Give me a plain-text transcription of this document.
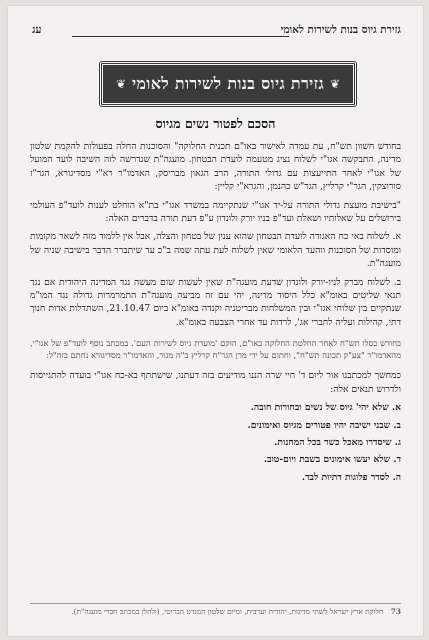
גזירת גיוס בנות לשירות לאומי
עג
❦ גזירת גיוס בנות לשירות לאומי ❦
הסכם לפטור נשים מגיוס

בחודש חשוון תש"ח, עת עמדה לאישור באו"ם תכנית החלוקה" והסוכנות החלה בפעולות להקמת שלטון מדינה, התבקשה אגו"י לשלוח נציג מטעמה לועדת הבטחון. מועגה"ת שנדרשה לזה השיבה לועד המועל של אגו"י לאחר התייעצות עם גדולי התורה, הרב הגאון מבריסק, האדמו"ר רא"י מסדיגורא, הגר"ז סורוצקין, הגר"י קרליץ, הגר"ש כהנמן, והגרא"י קליין:

"בישיבת מועצת גדולי התורה על-יד אגו"י שנתקיימה במשרד אגו"י בת"א הוחלט לענות לועד"פ העולמי בירושלים על שאלותיו ושאלת ועד"פ בניו יורק ולונדון ע"פ דעת תורה בדברים האלה:

א. לשלוח באי כח האגודה לועדת הבטחון שהוא ענין של בטחון והצלה, אבל אין ללמוד מזה לשאר מקומות ומוסדות של הסוכנות ווהעד הלאומי שאין לשלוח לעת עתה שמה ב"כ עד שיתברר הדבר בישיבה שניה של מועגה"ת.

ב. לשלוח מברק לניו-יורק ולונדון שדעת מועגה"ת שאין לעשות שום מעשה נגד המדינה היהודית אם נגד תנאי שליטים באומ"א כלל היסוד מדינה, יהי עם זה מביעה מועגה"ת התמרמרות גדולה נגד המו"מ שנתקיים בין שלוחי אגו"י ובין המשלחות מבריטניה וקנדה באומ"א ביום 21.10.47, השתדלות אדות חנוך דתי, קהילות ועליה לחברי אג', לרדות עד אחרי הצבעה באומ"א.

בחודש כסלו תש"ח לאחר החלטת החלוקה באו"ם, הוקם 'מועדת גיוס לשירות העם'. במכתב נוסף לועד"פ של אגו"י, מהאדמו"ר "צע"ק תכונה תש"ח", וחתום על ידי מרן הגר"ח קרליץ ב"ה מגור, והאדמו"ר מסדיגורא נחתם בזה"ל:

כמחשך למכתבנו אור ליום ד' חיי שרה הננו מודיעים בזה דעתנו, שישתתף בא-כח אגו"י בועדה להתגייסות ולדרוש תנאים אלה:

א. שלא יהי' גיוס של נשים ובחורות חובה.
ב. שבני ישיבה יהיו פטורים מגיוס ואימונים.
ג. שיסדרו מאכל כשר בכל המחנות.
ד. שלא יעשו אימונים בשבת ויום-טוב.
ה. לסדר פלוגות דתיות לבד.
73 חלוקת ארץ ישראל לשתי מדינות, יהודית וערבית, ומיום שלטון המנדט הבריטי, (ולהלן במכתב חברי מועגה"ת).
